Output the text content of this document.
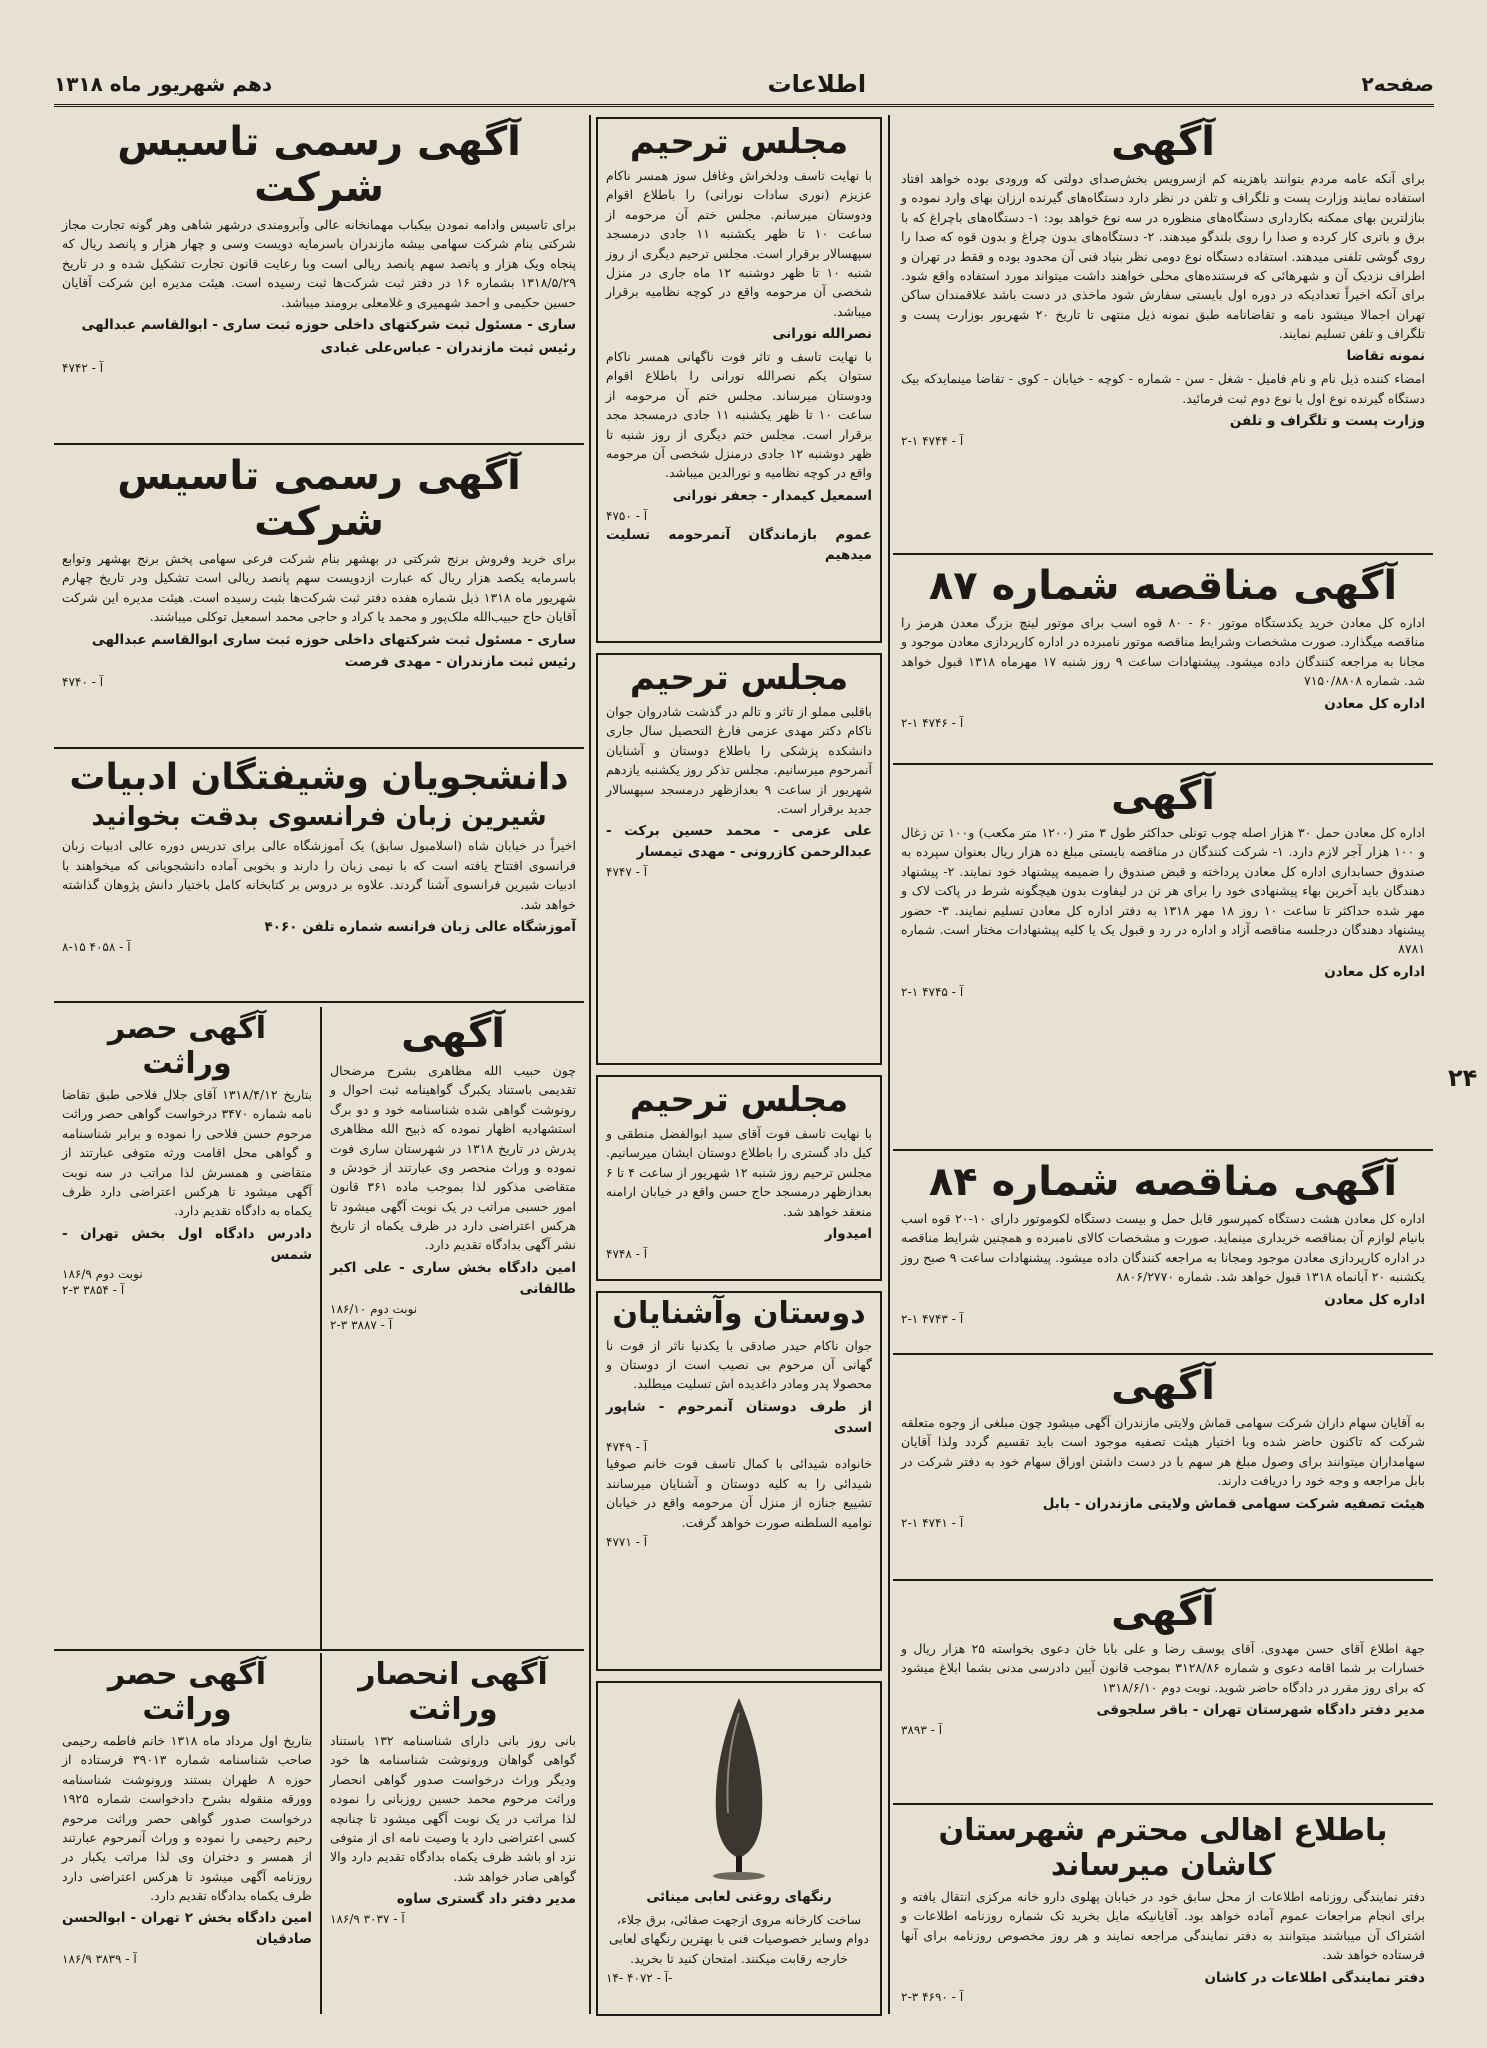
دهم شهریور ماه ۱۳۱۸	اطلاعات	صفحه۲
۲۴
آگهی

برای آنکه عامه مردم بتوانند باهزینه کم ازسرویس بخش‌صدای دولتی که ورودی بوده خواهد افتاد استفاده نمایند وزارت پست و تلگراف و تلفن در نظر دارد دستگاه‌های گیرنده ارزان بهای وارد نموده و بنازلترین بهای ممکنه بکارداری دستگاه‌های منظوره در سه نوع خواهد بود: ۱- دستگاه‌های باچراغ که با برق و باتری کار کرده و صدا را روی بلندگو میدهند. ۲- دستگاه‌های بدون چراغ و بدون قوه که صدا را روی گوشی تلفنی میدهند. استفاده دستگاه نوع دومی نظر بنیاد فنی آن محدود بوده و فقط در تهران و اطراف نزدیک آن و شهرهائی که فرستنده‌های محلی خواهند داشت میتواند مورد استفاده واقع شود. برای آنکه اخیراً تعدادیکه در دوره اول بایستی سفارش شود ماخذی در دست باشد علاقمندان ساکن تهران اجمالا میشود نامه و تقاضانامه طبق نمونه ذیل منتهی تا تاریخ ۲۰ شهریور بوزارت پست و تلگراف و تلفن تسلیم نمایند.

نمونه تقاضا

امضاء کننده ذیل نام و نام فامیل - شغل - سن - شماره - کوچه - خیابان - کوی - تقاضا مینمایدکه بیک دستگاه گیرنده نوع اول یا نوع دوم ثبت فرمائید.

وزارت پست و تلگراف و تلفن

آ - ۴۷۴۴ ۱-۲
آگهی مناقصه شماره ۸۷

اداره کل معادن خرید یکدستگاه موتور ۶۰ - ۸۰ قوه اسب برای موتور لینچ بزرگ معدن هرمز را مناقصه میگذارد. صورت مشخصات وشرایط مناقصه موتور نامبرده در اداره کارپردازی معادن موجود و مجانا به مراجعه کنندگان داده میشود. پیشنهادات ساعت ۹ روز شنبه ۱۷ مهرماه ۱۳۱۸ قبول خواهد شد. شماره ۷۱۵۰/۸۸۰۸

اداره کل معادن

آ - ۴۷۴۶ ۱-۲
آگهی

اداره کل معادن حمل ۳۰ هزار اصله چوب تونلی حداکثر طول ۳ متر (۱۲۰۰ متر مکعب) و۱۰۰ تن زغال و ۱۰۰ هزار آجر لازم دارد. ۱- شرکت کنندگان در مناقصه بایستی مبلغ ده‌ هزار ریال بعنوان سپرده به صندوق حسابداری اداره کل معادن پرداخته و قبض صندوق را ضمیمه پیشنهاد خود نمایند. ۲- پیشنهاد دهندگان باید آخرین بهاء پیشنهادی خود را برای هر تن در لیفاوت بدون هیچگونه شرط در پاکت لاک و مهر شده حداکثر تا ساعت ۱۰ روز ۱۸ مهر ۱۳۱۸ به دفتر اداره کل معادن تسلیم نمایند. ۳- حضور پیشنهاد دهندگان درجلسه مناقصه آزاد و اداره در رد و قبول یک یا کلیه پیشنهادات مختار است. شماره ۸۷۸۱

اداره کل معادن

آ - ۴۷۴۵ ۱-۲
آگهی مناقصه شماره ۸۴

اداره کل معادن هشت دستگاه کمپرسور قابل حمل و بیست دستگاه لکوموتور دارای ۱۰-۲۰ قوه اسب بانیام لوازم آن بمناقصه خریداری مینماید. صورت و مشخصات کالای نامبرده و همچنین شرایط مناقصه در اداره کارپردازی معادن موجود ومجانا به مراجعه کنندگان داده میشود. پیشنهادات ساعت ۹ صبح روز یکشنبه ۲۰ آبانماه ۱۳۱۸ قبول خواهد شد. شماره ۸۸۰۶/۲۷۷۰

اداره کل معادن

آ - ۴۷۴۳ ۱-۲
آگهی

به آقایان سهام داران شرکت سهامی قماش ولایتی مازندران آگهی میشود چون مبلغی از وجوه متعلقه شرکت که تاکنون حاضر شده وبا اختیار هیئت تصفیه موجود است باید تقسیم گردد ولذا آقایان سهامداران میتوانند برای وصول مبلغ هر سهم با در دست داشتن اوراق سهام خود به دفتر شرکت در بابل مراجعه و وجه خود را دریافت دارند.

هیئت تصفیه شرکت سهامی قماش ولایتی مازندران - بابل

آ - ۴۷۴۱ ۱-۲
آگهی

جهة اطلاع آقای حسن مهدوی. آقای یوسف رضا و علی بابا خان دعوی بخواسته ۲۵ هزار ریال و خسارات بر شما اقامه دعوی و شماره ۳۱۲۸/۸۶ بموجب قانون آیین دادرسی مدنی بشما ابلاغ میشود که برای روز مقرر در دادگاه حاضر شوید. نوبت دوم ۱۳۱۸/۶/۱۰

مدیر دفتر دادگاه شهرستان تهران - باقر سلجوقی

آ - ۳۸۹۳
باطلاع اهالی محترم شهرستان کاشان میرساند

دفتر نمایندگی روزنامه اطلاعات از محل سابق خود در خیابان پهلوی دارو خانه مرکزی انتقال یافته و برای انجام مراجعات عموم آماده خواهد بود. آقایانیکه مایل بخرید تک شماره روزنامه اطلاعات و اشتراک آن میباشند میتوانند به دفتر نمایندگی مراجعه نمایند و هر روز مخصوص روزنامه برای آنها فرستاده خواهد شد.

دفتر نمایندگی اطلاعات در کاشان

آ - ۴۶۹۰ ۳-۲
مجلس ترحیم

با نهایت تاسف ودلخراش وغافل سوز همسر ناکام عزیزم (نوری سادات نورانی) را باطلاع اقوام ودوستان میرسانم. مجلس ختم آن مرحومه از ساعت ۱۰ تا ظهر یکشنبه ۱۱ جادی درمسجد سپهسالار برقرار است. مجلس ترحیم دیگری از روز شنبه ۱۰ تا ظهر دوشنبه ۱۲ ماه جاری در منزل شخصی آن مرحومه واقع در کوچه نظامیه برقرار میباشد.

نصرالله نورانی

با نهایت تاسف و تاثر فوت ناگهانی همسر ناکام ستوان یکم نصرالله نورانی را باطلاع اقوام ودوستان میرساند. مجلس ختم آن مرحومه از ساعت ۱۰ تا ظهر یکشنبه ۱۱ جادی درمسجد مجد برقرار است. مجلس ختم دیگری از روز شنبه تا ظهر دوشنبه ۱۲ جادی درمنزل شخصی آن مرحومه واقع در کوچه نظامیه و نورالدین میباشد.

اسمعیل کیمدار - جعفر نورانی

آ - ۴۷۵۰

عموم بازماندگان آنمرحومه تسلیت میدهیم

مجلس ترحیم

باقلبی مملو از تاثر و تالم در گذشت شادروان جوان ناکام دکتر مهدی عزمی فارغ التحصیل سال جاری دانشکده پزشکی را باطلاع دوستان و آشنایان آنمرحوم میرسانیم. مجلس تذکر روز یکشنبه یازدهم شهریور از ساعت ۹ بعدازظهر درمسجد سپهسالار جدید برقرار است.

علی عزمی - محمد حسین برکت - عبدالرحمن کازرونی - مهدی تیمسار

آ - ۴۷۴۷
مجلس ترحیم

با نهایت تاسف فوت آقای سید ابوالفضل منطقی و کیل داد گستری را باطلاع دوستان ایشان میرسانیم. مجلس ترحیم روز شنبه ۱۲ شهریور از ساعت ۴ تا ۶ بعدازظهر درمسجد حاج حسن واقع در خیابان ارامنه منعقد خواهد شد.

امیدوار

آ - ۴۷۴۸
دوستان وآشنایان

جوان ناکام حیدر صادقی با یکدنیا ناثر از فوت نا گهانی آن مرحوم بی نصیب است از دوستان و محصولا پدر ومادر داغدیده اش تسلیت میطلبد.

از طرف دوستان آنمرحوم - شاپور اسدی

آ - ۴۷۴۹

خانواده شیدائی با کمال تاسف فوت خانم صوفیا شیدائی را به کلیه دوستان و آشنایان میرسانند تشییع جنازه از منزل آن مرحومه واقع در خیابان نوامیه السلطنه صورت خواهد گرفت.

آ - ۴۷۷۱

رنگهای روغنی لعابی مینائی

ساخت کارخانه مروی ازجهت صفائی، برق جلاء، دوام وسایر خصوصیات فنی با بهترین رنگهای لعابی خارجه رقابت میکنند. امتحان کنید تا بخرید.

آ - ۴۰۷۲ -۱۴-
آگهی رسمی تاسیس شرکت

برای تاسیس وادامه نمودن بیکباب مهمانخانه عالی وآبرومندی درشهر شاهی وهر گونه تجارت مجاز شرکتی بنام شرکت سهامی بیشه مازندران باسرمایه دویست وسی و چهار هزار و پانصد ریال که پنجاه ویک هزار و پانصد سهم پانصد ریالی است وبا رعایت قانون تجارت تشکیل شده و در تاریخ ۱۳۱۸/۵/۲۹ بشماره ۱۶ در دفتر ثبت شرکت‌ها ثبت رسیده است. هیئت مدیره این شرکت آقایان حسین حکیمی و احمد شهمیری و غلامعلی برومند میباشد.

ساری - مسئول ثبت شرکتهای داخلی حوزه ثبت ساری - ابوالقاسم عبدالهی

رئیس ثبت مازندران - عباس‌علی غبادی

آ - ۴۷۴۲
آگهی رسمی تاسیس شرکت

برای خرید وفروش برنج شرکتی در بهشهر بنام شرکت فرعی سهامی پخش برنج بهشهر وتوابع باسرمایه یکصد هزار ریال که عبارت ازدویست سهم پانصد ریالی است تشکیل ودر تاریخ چهارم شهریور ماه ۱۳۱۸ ذیل شماره هفده دفتر ثبت شرکت‌ها بثبت رسیده است. هیئت مدیره این شرکت آقایان حاج حبیب‌الله ملک‌پور و محمد یا کراد و حاجی محمد اسمعیل توکلی میباشند.

ساری - مسئول ثبت شرکتهای داخلی حوزه ثبت ساری ابوالقاسم عبدالهی

رئیس ثبت مازندران - مهدی فرصت

آ - ۴۷۴۰
دانشجویان وشیفتگان ادبیات
شیرین زبان فرانسوی بدقت بخوانید

اخیراً در خیابان شاه (اسلامبول سابق) یک آموزشگاه عالی برای تدریس دوره عالی ادبیات زبان فرانسوی افتتاح یافته است که با نیمی زبان را دارند و بخوبی آماده دانشجویانی که میخواهند با ادبیات شیرین فرانسوی آشنا گردند. علاوه بر دروس بر کتابخانه کامل باختیار دانش پژوهان گذاشته خواهد شد.

آموزشگاه عالی زبان فرانسه شماره تلفن ۴۰۶۰

آ - ۴۰۵۸ ۱۵-۸
آگهی

چون حبیب الله مظاهری بشرح مرضحال تقدیمی باستناد یکبرگ گواهینامه ثبت احوال و رونوشت گواهی شده شناسنامه خود و دو برگ استشهادیه اظهار نموده که ذبیح الله مظاهری پدرش در تاریخ ۱۳۱۸ در شهرستان ساری فوت نموده و وراث منحصر وی عبارتند از خودش و متقاضی مذکور لذا بموجب ماده ۳۶۱ قانون امور حسبی مراتب در یک نوبت آگهی میشود تا هرکس اعتراضی دارد در ظرف یکماه از تاریخ نشر آگهی بدادگاه تقدیم دارد.

امین دادگاه بخش ساری - علی اکبر طالقانی

نوبت دوم ۱۸۶/۱۰
آ - ۳۸۸۷ ۳-۲
آگهی حصر وراثت

بتاریخ ۱۳۱۸/۴/۱۲ آقای جلال فلاحی طبق تقاضا نامه شماره ۳۴۷۰ درخواست گواهی حصر وراثت مرحوم حسن فلاحی را نموده و برابر شناسنامه و گواهی محل اقامت ورثه متوفی عبارتند از متقاضی و همسرش لذا مراتب در سه نوبت آگهی میشود تا هرکس اعتراضی دارد ظرف یکماه به دادگاه تقدیم دارد.

دادرس دادگاه اول بخش تهران - شمس

نوبت دوم ۱۸۶/۹
آ - ۳۸۵۴ ۳-۲
آگهی انحصار وراثت

بانی روز بانی دارای شناسنامه ۱۳۲ باستناد گواهی گواهان ورونوشت شناسنامه ها خود ودیگر وراث درخواست صدور گواهی انحصار وراثت مرحوم محمد حسین روزبانی را نموده لذا مراتب در یک نوبت آگهی میشود تا چنانچه کسی اعتراضی دارد یا وصیت نامه ای از متوفی نزد او باشد ظرف یکماه بدادگاه تقدیم دارد والا گواهی صادر خواهد شد.

مدیر دفتر داد گستری ساوه

آ - ۳۰۳۷ ۱۸۶/۹
آگهی حصر وراثت

بتاریخ اول مرداد ماه ۱۳۱۸ خانم فاطمه رحیمی صاحب شناسنامه شماره ۳۹۰۱۳ فرستاده از حوزه ۸ طهران بستند ورونوشت شناسنامه وورقه منقوله بشرح دادخواست شماره ۱۹۲۵ درخواست صدور گواهی حصر وراثت مرحوم رحیم رحیمی را نموده و وراث آنمرحوم عبارتند از همسر و دختران وی لذا مراتب یکبار در روزنامه آگهی میشود تا هرکس اعتراضی دارد ظرف یکماه بدادگاه تقدیم دارد.

امین دادگاه بخش ۲ تهران - ابوالحسن صادقیان

آ - ۳۸۳۹ ۱۸۶/۹
